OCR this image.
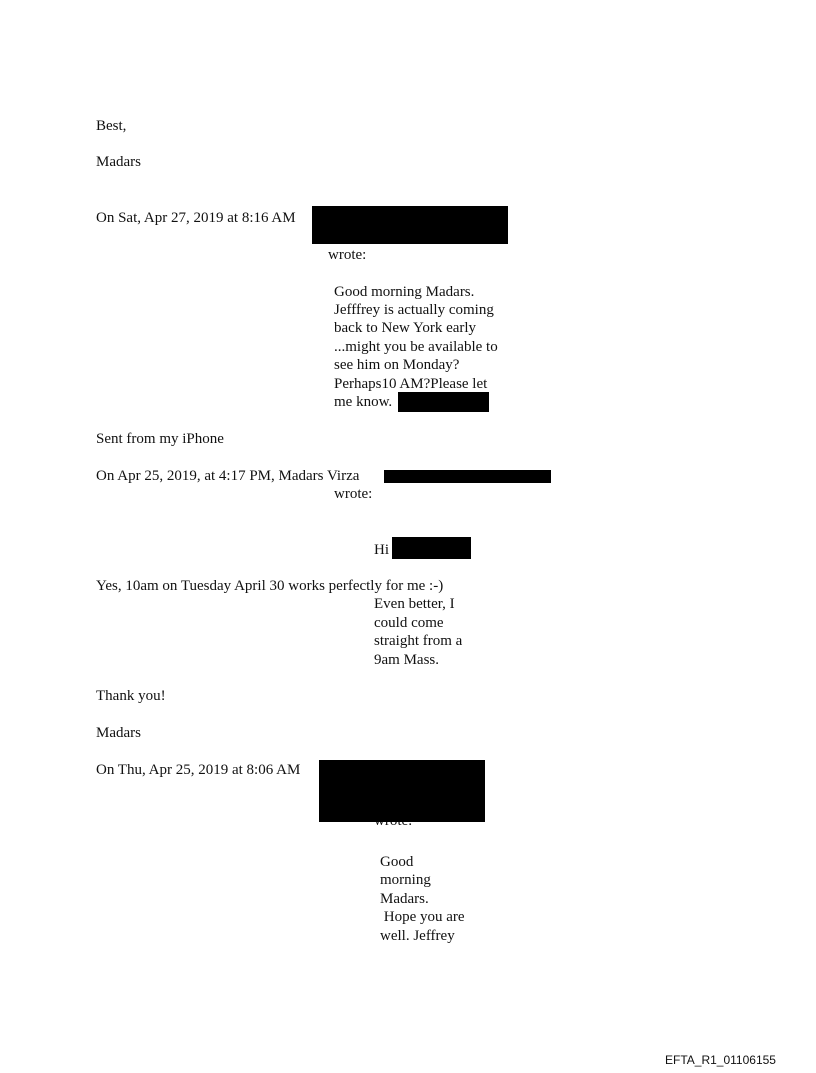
Best,
Madars
On Sat, Apr 27, 2019 at 8:16 AM
wrote:
Good morning Madars.
Jefffrey is actually coming
back to New York early
...might you be available to
see him on Monday?
Perhaps10 AM?Please let
me know.
Sent from my iPhone
On Apr 25, 2019, at 4:17 PM, Madars Virza
wrote:
Hi
Yes, 10am on Tuesday April 30 works perfectly for me :-)
Even better, I
could come
straight from a
9am Mass.
Thank you!
Madars
On Thu, Apr 25, 2019 at 8:06 AM
Good
morning
Madars.
Hope you are
well. Jeffrey
EFTA_R1_01106155
